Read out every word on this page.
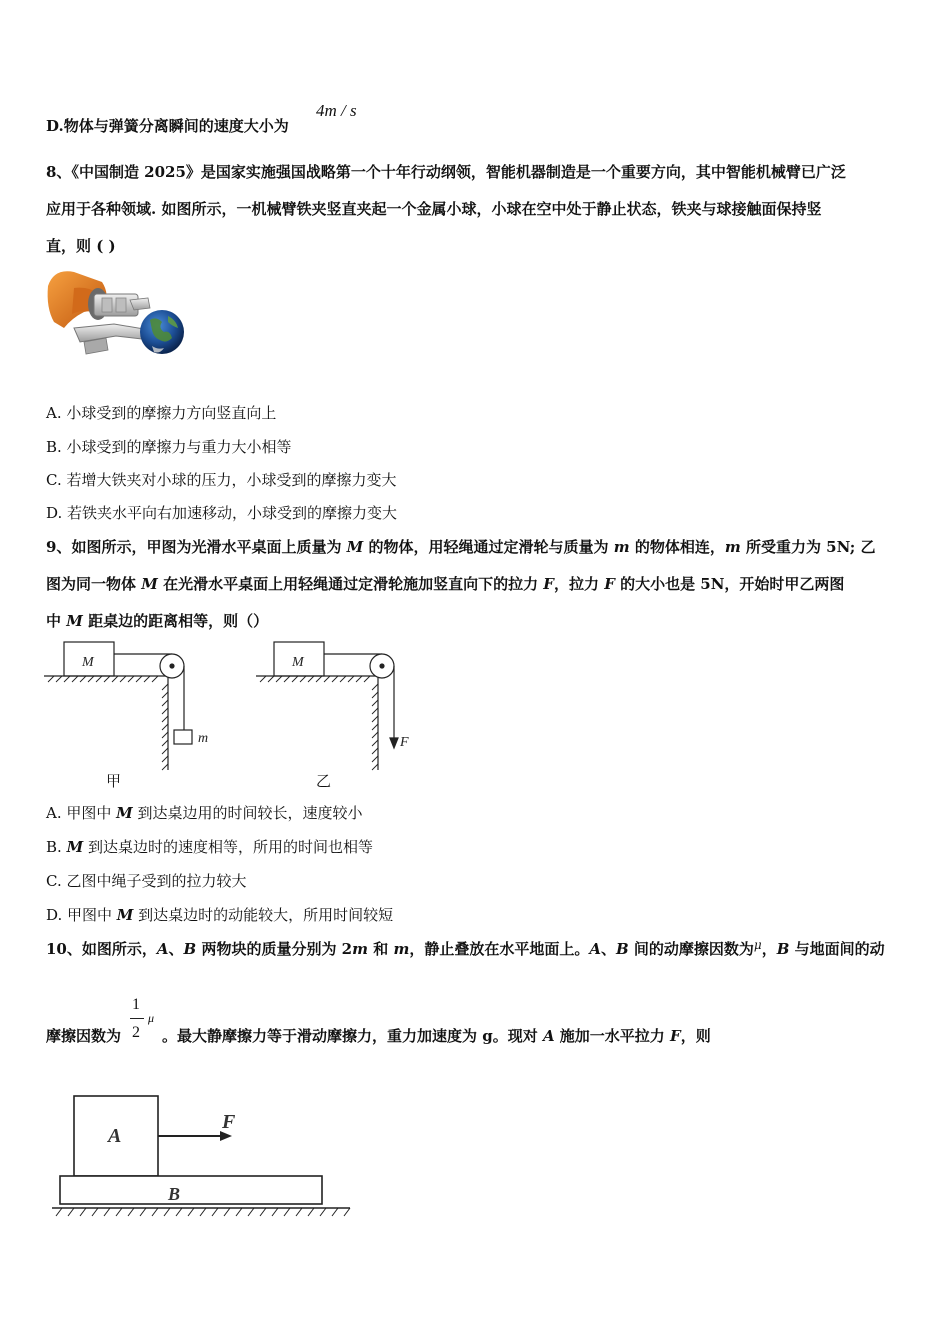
D.物体与弹簧分离瞬间的速度大小为
4m / s
8、《中国制造 2025》是国家实施强国战略第一个十年行动纲领，智能机器制造是一个重要方向，其中智能机械臂已广泛
应用于各种领域. 如图所示，一机械臂铁夹竖直夹起一个金属小球，小球在空中处于静止状态，铁夹与球接触面保持竖
直，则 ( )
A. 小球受到的摩擦力方向竖直向上
B. 小球受到的摩擦力与重力大小相等
C. 若增大铁夹对小球的压力，小球受到的摩擦力变大
D. 若铁夹水平向右加速移动，小球受到的摩擦力变大
9、如图所示，甲图为光滑水平桌面上质量为 M 的物体，用轻绳通过定滑轮与质量为 m 的物体相连，m 所受重力为 5N; 乙
图为同一物体 M 在光滑水平桌面上用轻绳通过定滑轮施加竖直向下的拉力 F，拉力 F 的大小也是 5N，开始时甲乙两图
中 M 距桌边的距离相等，则（）
M
m
M
F
甲	乙
A. 甲图中 M 到达桌边用的时间较长，速度较小
B. M 到达桌边时的速度相等，所用的时间也相等
C. 乙图中绳子受到的拉力较大
D. 甲图中 M 到达桌边时的动能较大，所用时间较短
10、如图所示，A、B 两物块的质量分别为 2m 和 m，静止叠放在水平地面上。A、B 间的动摩擦因数为$^\mu$，B 与地面间的动
1
2
μ
摩擦因数为	。最大静摩擦力等于滑动摩擦力，重力加速度为 g。现对 A 施加一水平拉力 F，则
A
F
B
